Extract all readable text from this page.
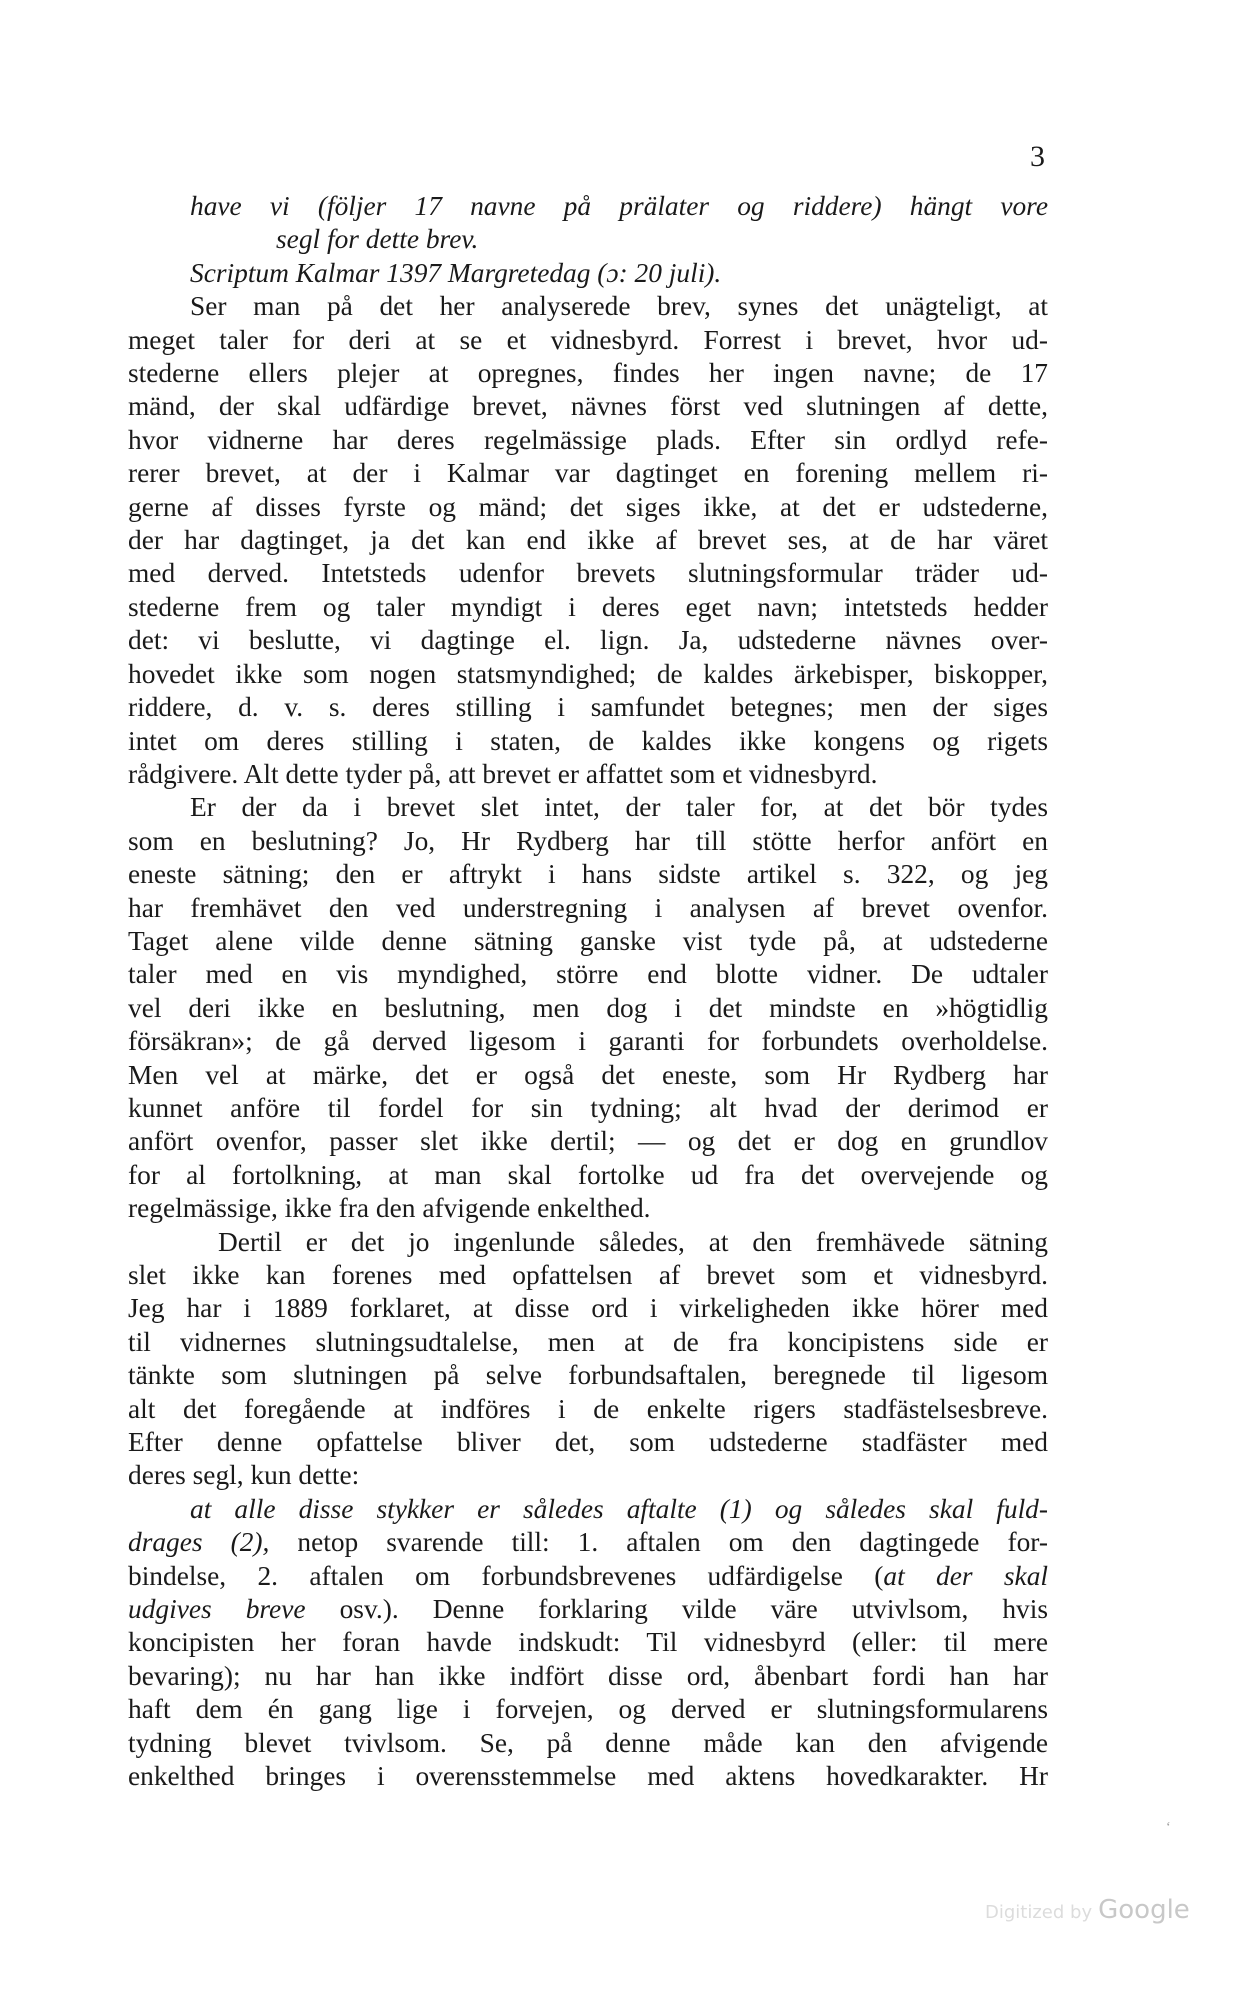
3
have vi (följer 17 navne på prälater og riddere) hängt vore
segl for dette brev.
Scriptum Kalmar 1397 Margretedag (ɔ: 20 juli).
Ser man på det her analyserede brev, synes det unägteligt, at
meget taler for deri at se et vidnesbyrd. Forrest i brevet, hvor ud-
stederne ellers plejer at opregnes, findes her ingen navne; de 17
mänd, der skal udfärdige brevet, nävnes först ved slutningen af dette,
hvor vidnerne har deres regelmässige plads. Efter sin ordlyd refe-
rerer brevet, at der i Kalmar var dagtinget en forening mellem ri-
gerne af disses fyrste og mänd; det siges ikke, at det er udstederne,
der har dagtinget, ja det kan end ikke af brevet ses, at de har väret
med derved. Intetsteds udenfor brevets slutningsformular träder ud-
stederne frem og taler myndigt i deres eget navn; intetsteds hedder
det: vi beslutte, vi dagtinge el. lign. Ja, udstederne nävnes over-
hovedet ikke som nogen statsmyndighed; de kaldes ärkebisper, biskopper,
riddere, d. v. s. deres stilling i samfundet betegnes; men der siges
intet om deres stilling i staten, de kaldes ikke kongens og rigets
rådgivere. Alt dette tyder på, att brevet er affattet som et vidnesbyrd.
Er der da i brevet slet intet, der taler for, at det bör tydes
som en beslutning? Jo, Hr Rydberg har till stötte herfor anfört en
eneste sätning; den er aftrykt i hans sidste artikel s. 322, og jeg
har fremhävet den ved understregning i analysen af brevet ovenfor.
Taget alene vilde denne sätning ganske vist tyde på, at udstederne
taler med en vis myndighed, större end blotte vidner. De udtaler
vel deri ikke en beslutning, men dog i det mindste en »högtidlig
försäkran»; de gå derved ligesom i garanti for forbundets overholdelse.
Men vel at märke, det er også det eneste, som Hr Rydberg har
kunnet anföre til fordel for sin tydning; alt hvad der derimod er
anfört ovenfor, passer slet ikke dertil; — og det er dog en grundlov
for al fortolkning, at man skal fortolke ud fra det overvejende og
regelmässige, ikke fra den afvigende enkelthed.
Dertil er det jo ingenlunde således, at den fremhävede sätning
slet ikke kan forenes med opfattelsen af brevet som et vidnesbyrd.
Jeg har i 1889 forklaret, at disse ord i virkeligheden ikke hörer med
til vidnernes slutningsudtalelse, men at de fra koncipistens side er
tänkte som slutningen på selve forbundsaftalen, beregnede til ligesom
alt det foregående at indföres i de enkelte rigers stadfästelsesbreve.
Efter denne opfattelse bliver det, som udstederne stadfäster med
deres segl, kun dette:
at alle disse stykker er således aftalte (1) og således skal fuld-
drages (2), netop svarende till: 1. aftalen om den dagtingede for-
bindelse, 2. aftalen om forbundsbrevenes udfärdigelse (at der skal
udgives breve osv.). Denne forklaring vilde väre utvivlsom, hvis
koncipisten her foran havde indskudt: Til vidnesbyrd (eller: til mere
bevaring); nu har han ikke indfört disse ord, åbenbart fordi han har
haft dem én gang lige i forvejen, og derved er slutningsformularens
tydning blevet tvivlsom. Se, på denne måde kan den afvigende
enkelthed bringes i overensstemmelse med aktens hovedkarakter. Hr
ʻ
Digitized by Google
